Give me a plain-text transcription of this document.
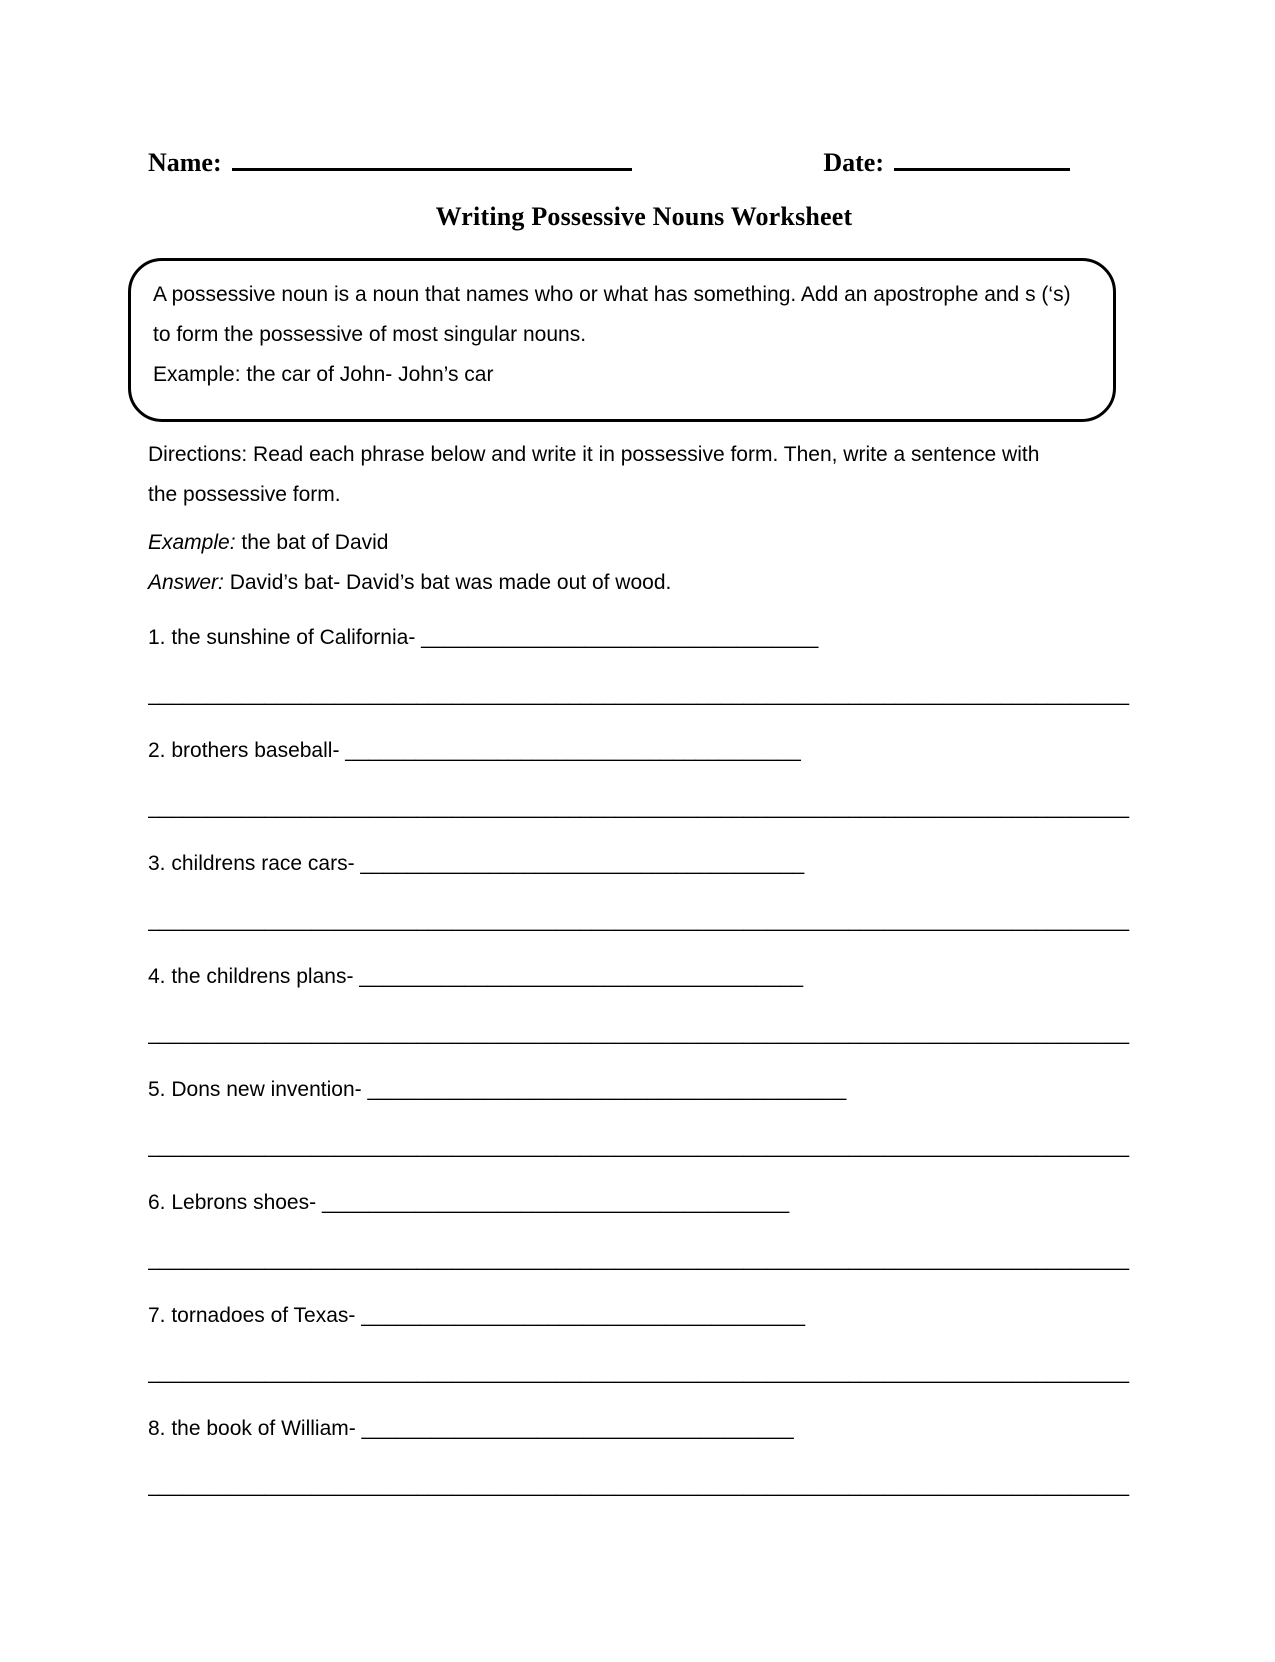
Name:	Date:
Writing Possessive Nouns Worksheet
A possessive noun is a noun that names who or what has something. Add an apostrophe and s (‘s)
to form the possessive of most singular nouns.
Example: the car of John- John’s car
Directions: Read each phrase below and write it in possessive form. Then, write a sentence with
the possessive form.
Example: the bat of David
Answer: David’s bat- David’s bat was made out of wood.
1. the sunshine of California- __________________________________
____________________________________________________________________________________
2. brothers baseball- _______________________________________
____________________________________________________________________________________
3. childrens race cars- ______________________________________
____________________________________________________________________________________
4. the childrens plans- ______________________________________
____________________________________________________________________________________
5. Dons new invention- _________________________________________
____________________________________________________________________________________
6. Lebrons shoes- ________________________________________
____________________________________________________________________________________
7. tornadoes of Texas- ______________________________________
____________________________________________________________________________________
8. the book of William- _____________________________________
____________________________________________________________________________________
